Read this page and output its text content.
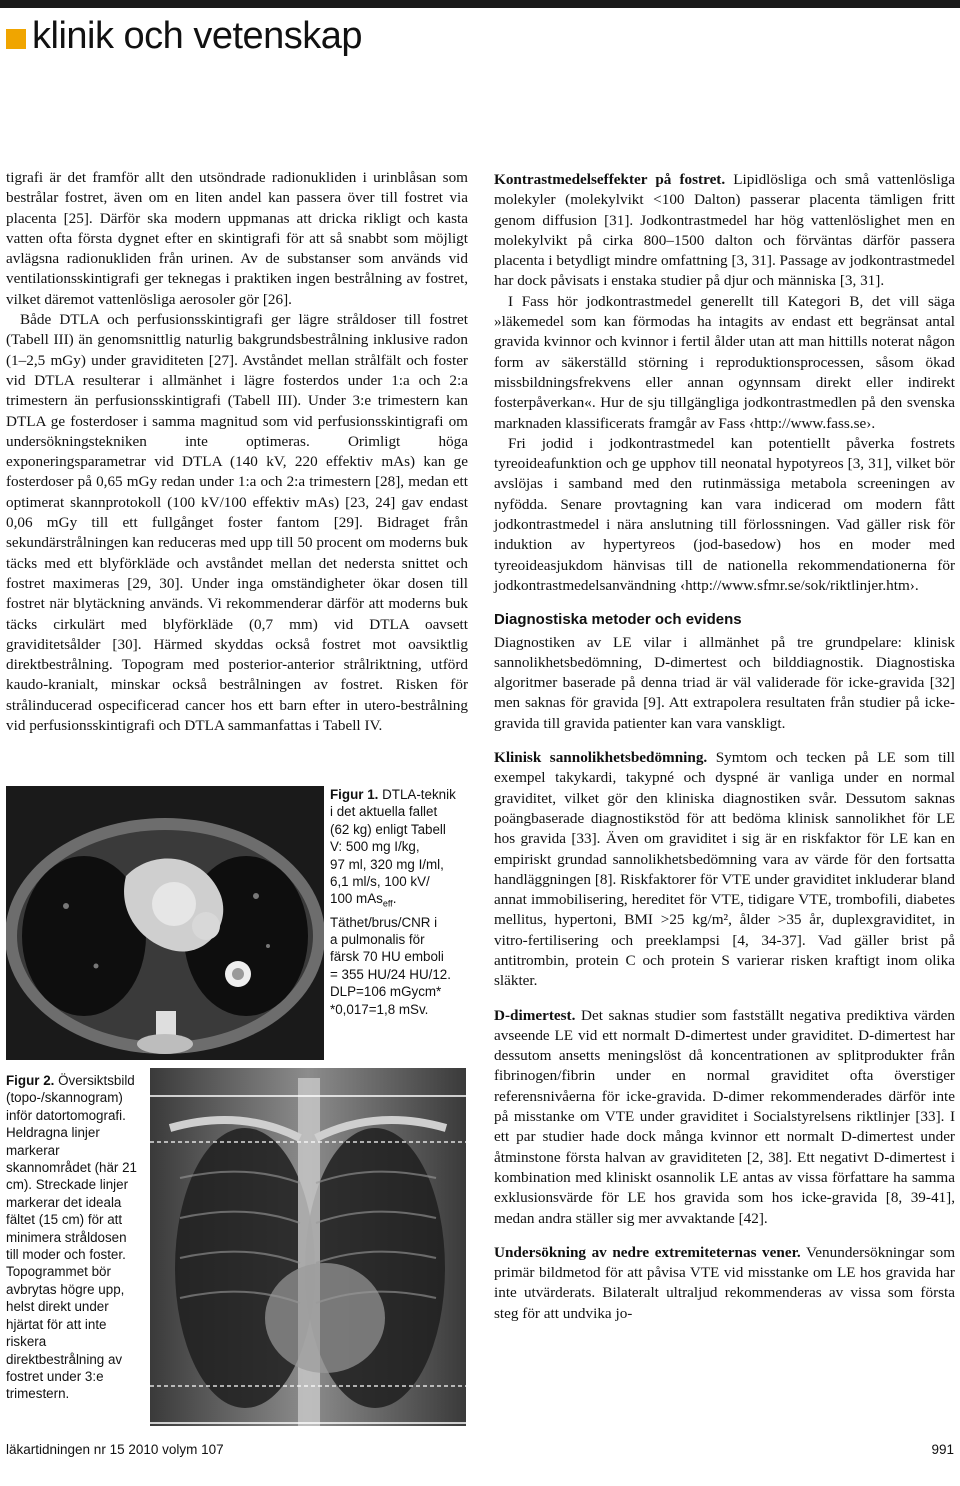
klinik och vetenskap

tigrafi är det framför allt den utsöndrade radionukliden i urinblåsan som bestrålar fostret, även om en liten andel kan passera över till fostret via placenta [25]. Därför ska modern uppmanas att dricka rikligt och kasta vatten ofta första dygnet efter en skintigrafi för att så snabbt som möjligt avlägsna radionukliden från urinen. Av de substanser som används vid ventilationsskintigrafi ger teknegas i praktiken ingen bestrålning av fostret, vilket däremot vattenlösliga aerosoler gör [26].

Både DTLA och perfusionsskintigrafi ger lägre stråldoser till fostret (Tabell III) än genomsnittlig naturlig bakgrundsbestrålning inklusive radon (1–2,5 mGy) under graviditeten [27]. Avståndet mellan strålfält och foster vid DTLA resulterar i allmänhet i lägre fosterdos under 1:a och 2:a trimestern än perfusionsskintigrafi (Tabell III). Under 3:e trimestern kan DTLA ge fosterdoser i samma magnitud som vid perfusionsskintigrafi om undersökningstekniken inte optimeras. Orimligt höga exponeringsparametrar vid DTLA (140 kV, 220 effektiv mAs) kan ge fosterdoser på 0,65 mGy redan under 1:a och 2:a trimestern [28], medan ett optimerat skannprotokoll (100 kV/100 effektiv mAs) [23, 24] gav endast 0,06 mGy till ett fullgånget foster fantom [29]. Bidraget från sekundärstrålningen kan reduceras med upp till 50 procent om moderns buk täcks med ett blyförkläde och avståndet mellan det nedersta snittet och fostret maximeras [29, 30]. Under inga omständigheter ökar dosen till fostret när blytäckning används. Vi rekommenderar därför att moderns buk täcks cirkulärt med blyförkläde (0,7 mm) vid DTLA oavsett graviditetsålder [30]. Härmed skyddas också fostret mot oavsiktlig direktbestrålning. Topogram med posterior-anterior strålriktning, utförd kaudo-kranialt, minskar också bestrålningen av fostret. Risken för strålinducerad ospecificerad cancer hos ett barn efter in utero-bestrålning vid perfusionsskintigrafi och DTLA sammanfattas i Tabell IV.

Figur 1. DTLA-teknik
i det aktuella fallet
(62 kg) enligt Tabell
V: 500 mg I/kg,
97 ml, 320 mg I/ml,
6,1 ml/s, 100 kV/
100 mAs$_{eff}$.
Täthet/brus/CNR i
a pulmonalis för
färsk 70 HU emboli
= 355 HU/24 HU/12.
DLP=106 mGycm*
*0,017=1,8 mSv.
Figur 2. Översiktsbild (topo-/skannogram) inför datortomografi. Heldragna linjer markerar skannområdet (här 21 cm). Streckade linjer markerar det ideala fältet (15 cm) för att minimera stråldosen till moder och foster. Topogrammet bör avbrytas högre upp, helst direkt under hjärtat för att inte riskera direktbestrålning av fostret under 3:e trimestern.

Kontrastmedelseffekter på fostret. Lipidlösliga och små vattenlösliga molekyler (molekylvikt <100 Dalton) passerar placenta tämligen fritt genom diffusion [31]. Jodkontrastmedel har hög vattenlöslighet men en molekylvikt på cirka 800–1500 dalton och förväntas därför passera placenta i betydligt mindre omfattning [3, 31]. Passage av jodkontrastmedel har dock påvisats i enstaka studier på djur och människa [3, 31].

I Fass hör jodkontrastmedel generellt till Kategori B, det vill säga »läkemedel som kan förmodas ha intagits av endast ett begränsat antal gravida kvinnor och kvinnor i fertil ålder utan att man hittills noterat någon form av säkerställd störning i reproduktionsprocessen, såsom ökad missbildningsfrekvens eller annan ogynnsam direkt eller indirekt fosterpåverkan«. Hur de sju tillgängliga jodkontrastmedlen på den svenska marknaden klassificerats framgår av Fass ‹http://www.fass.se›.

Fri jodid i jodkontrastmedel kan potentiellt påverka fostrets tyreoideafunktion och ge upphov till neonatal hypotyreos [3, 31], vilket bör avslöjas i samband med den rutinmässiga metabola screeningen av nyfödda. Senare provtagning kan vara indicerad om modern fått jodkontrastmedel i nära anslutning till förlossningen. Vad gäller risk för induktion av hypertyreos (jod-basedow) hos en moder med tyreoideasjukdom hänvisas till de nationella rekommendationerna för jodkontrastmedelsanvändning ‹http://www.sfmr.se/sok/riktlinjer.htm›.

Diagnostiska metoder och evidens

Diagnostiken av LE vilar i allmänhet på tre grundpelare: klinisk sannolikhetsbedömning, D-dimertest och bilddiagnostik. Diagnostiska algoritmer baserade på denna triad är väl validerade för icke-gravida [32] men saknas för gravida [9]. Att extrapolera resultaten från studier på icke-gravida till gravida patienter kan vara vanskligt.

Klinisk sannolikhetsbedömning. Symtom och tecken på LE som till exempel takykardi, takypné och dyspné är vanliga under en normal graviditet, vilket gör den kliniska diagnostiken svår. Dessutom saknas poängbaserade diagnostikstöd för att bedöma klinisk sannolikhet för LE hos gravida [33]. Även om graviditet i sig är en riskfaktor för LE kan en empiriskt grundad sannolikhetsbedömning vara av värde för den fortsatta handläggningen [8]. Riskfaktorer för VTE under graviditet inkluderar bland annat immobilisering, hereditet för VTE, tidigare VTE, trombofili, diabetes mellitus, hypertoni, BMI >25 kg/m², ålder >35 år, duplexgraviditet, in vitro-fertilisering och preeklampsi [4, 34-37]. Vad gäller brist på antitrombin, protein C och protein S varierar risken kraftigt inom olika släkter.

D-dimertest. Det saknas studier som fastställt negativa prediktiva värden avseende LE vid ett normalt D-dimertest under graviditet. D-dimertest har dessutom ansetts meningslöst då koncentrationen av splitprodukter från fibrinogen/fibrin under en normal graviditet ofta överstiger referensnivåerna för icke-gravida. D-dimer rekommenderades därför inte på misstanke om VTE under graviditet i Socialstyrelsens riktlinjer [33]. I ett par studier hade dock många kvinnor ett normalt D-dimertest under åtminstone första halvan av graviditeten [2, 38]. Ett negativt D-dimertest i kombination med kliniskt osannolik LE antas av vissa författare ha samma exklusionsvärde för LE hos gravida som hos icke-gravida [8, 39-41], medan andra ställer sig mer avvaktande [42].

Undersökning av nedre extremiteternas vener. Venundersökningar som primär bildmetod för att påvisa VTE vid misstanke om LE hos gravida har inte utvärderats. Bilateralt ultraljud rekommenderas av vissa som första steg för att undvika jo-

läkartidningen nr 15 2010 volym 107	991
